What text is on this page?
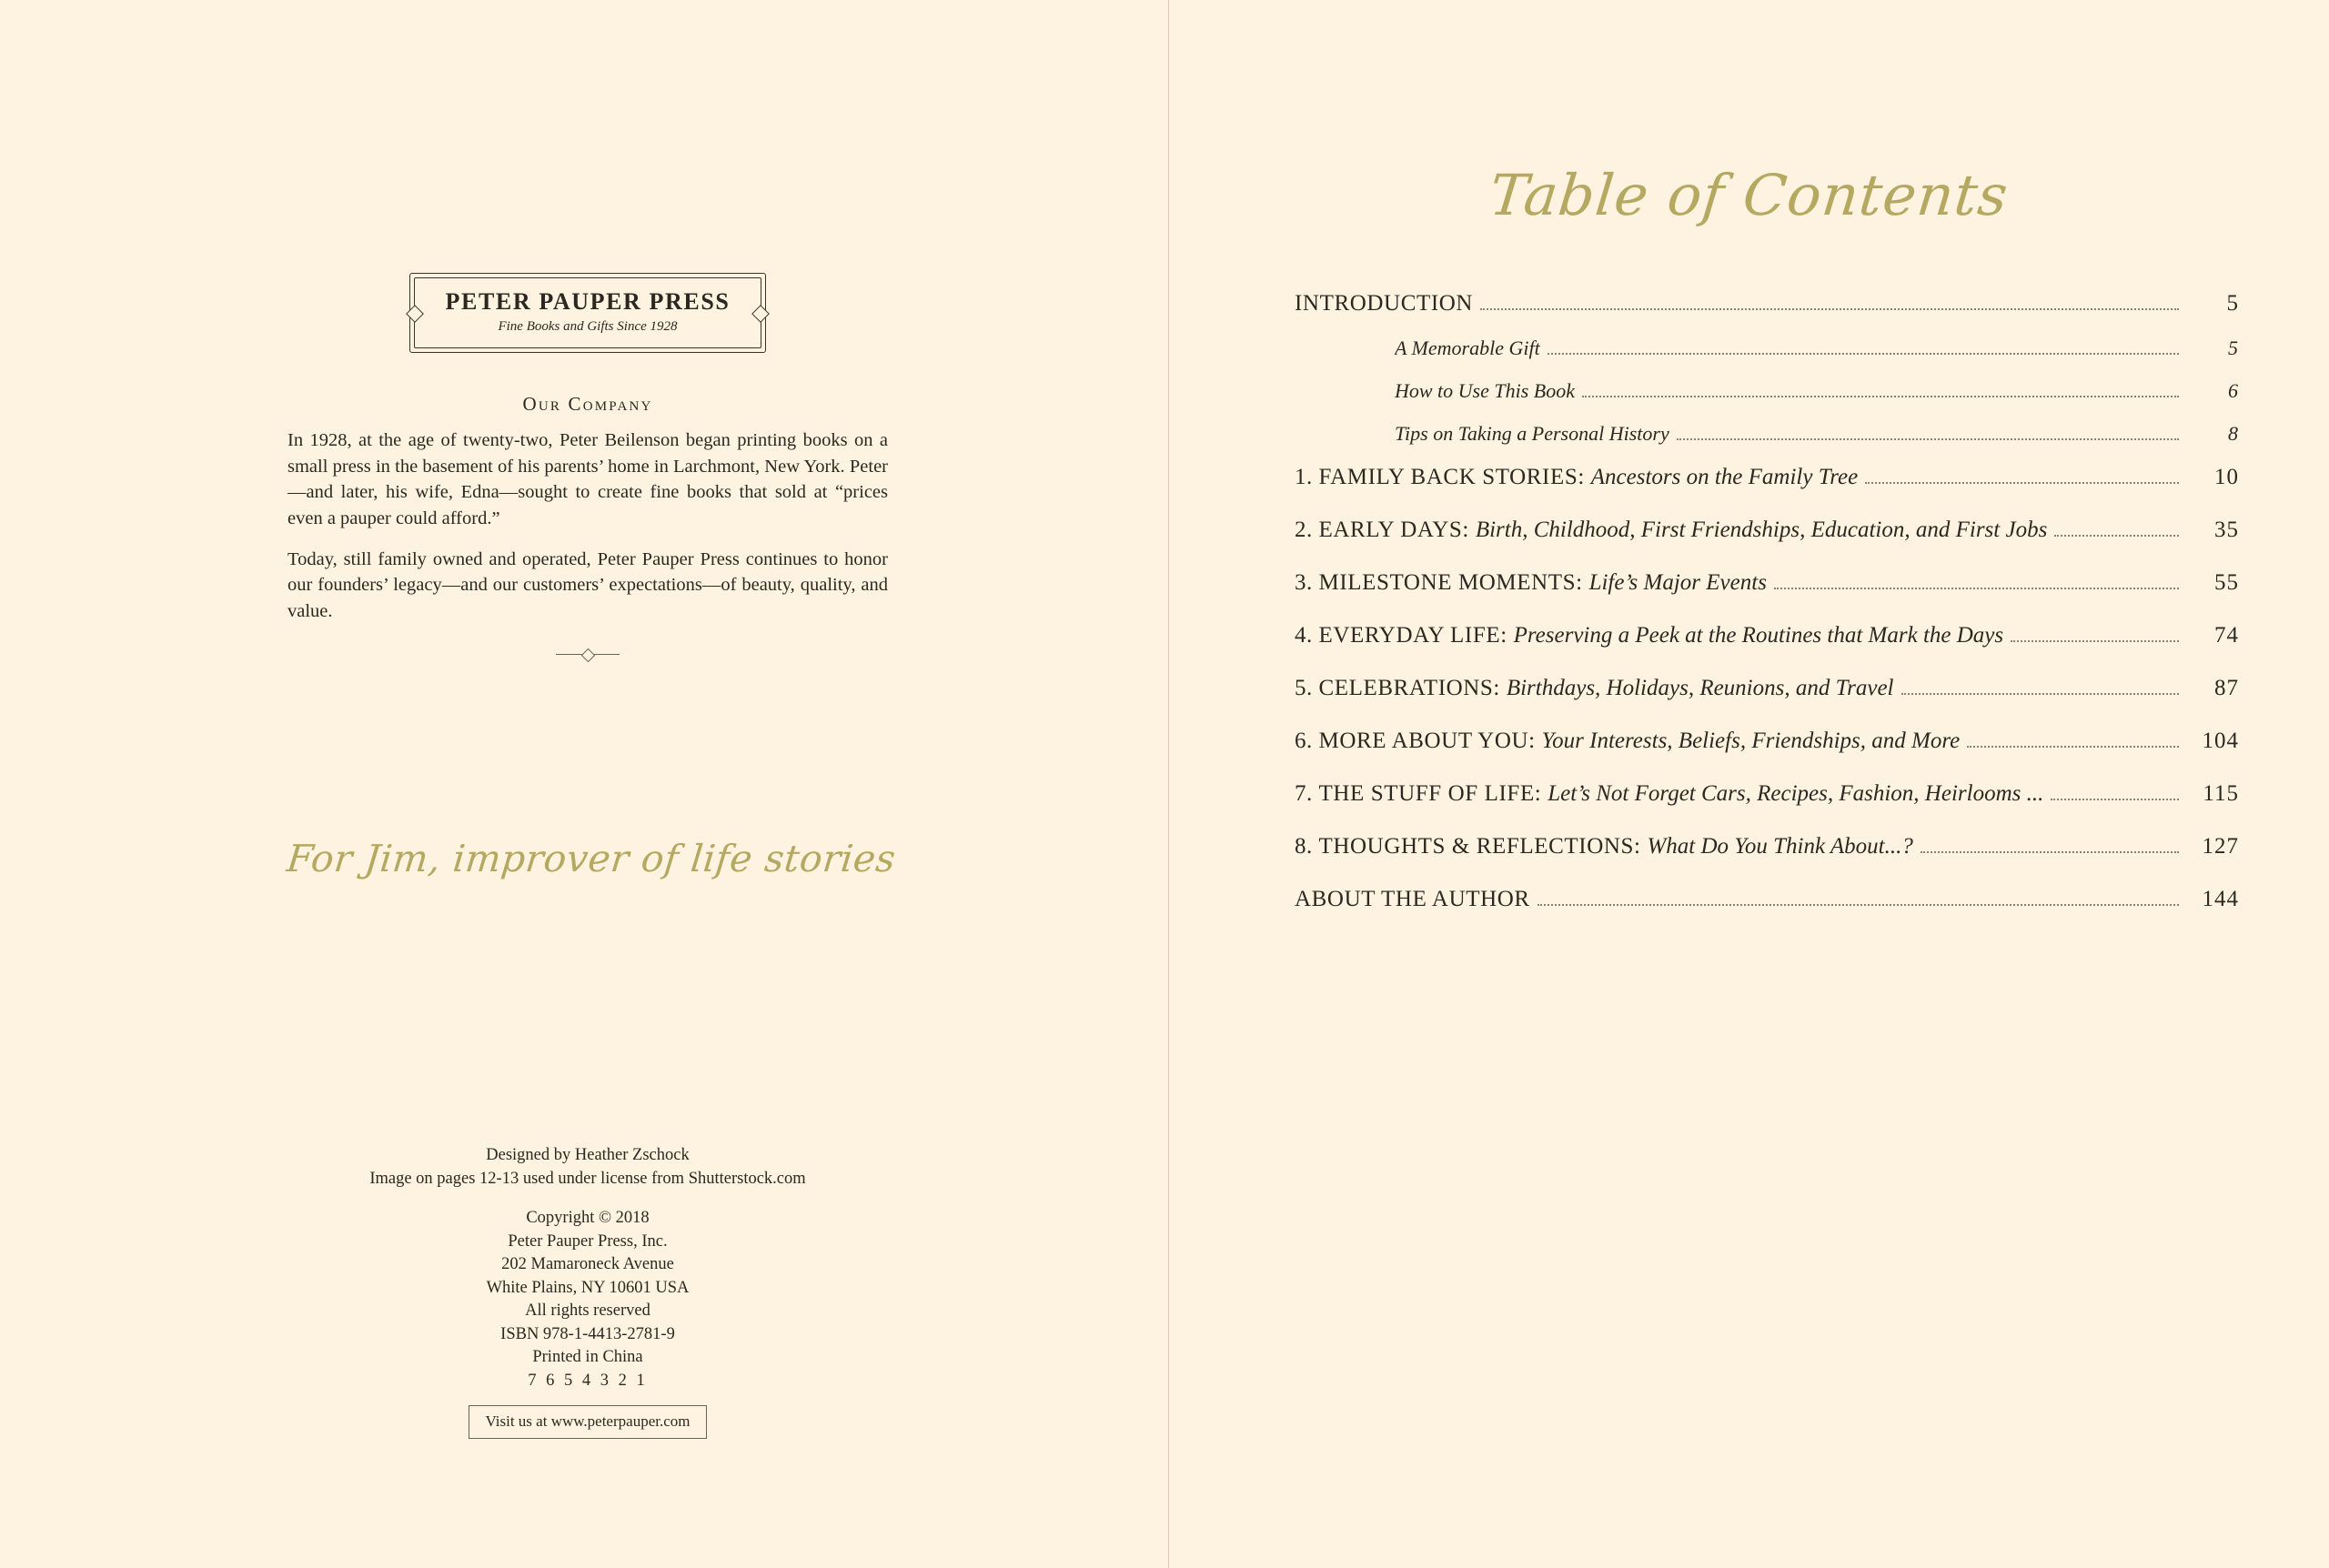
PETER PAUPER PRESS
Fine Books and Gifts Since 1928
Our Company

In 1928, at the age of twenty-two, Peter Beilenson began printing books on a small press in the basement of his parents’ home in Larchmont, New York. Peter—and later, his wife, Edna—sought to create fine books that sold at “prices even a pauper could afford.”

Today, still family owned and operated, Peter Pauper Press continues to honor our founders’ legacy—and our customers’ expectations—of beauty, quality, and value.

For Jim, improver of life stories
Designed by Heather Zschock
Image on pages 12-13 used under license from Shutterstock.com
Copyright © 2018
Peter Pauper Press, Inc.
202 Mamaroneck Avenue
White Plains, NY 10601 USA
All rights reserved
ISBN 978-1-4413-2781-9
Printed in China
7 6 5 4 3 2 1
Visit us at www.peterpauper.com
Table of Contents
INTRODUCTION	5
A Memorable Gift	5
How to Use This Book	6
Tips on Taking a Personal History	8
1. FAMILY BACK STORIES: Ancestors on the Family Tree	10
2. EARLY DAYS: Birth, Childhood, First Friendships, Education, and First Jobs	35
3. MILESTONE MOMENTS: Life’s Major Events	55
4. EVERYDAY LIFE: Preserving a Peek at the Routines that Mark the Days	74
5. CELEBRATIONS: Birthdays, Holidays, Reunions, and Travel	87
6. MORE ABOUT YOU: Your Interests, Beliefs, Friendships, and More	104
7. THE STUFF OF LIFE: Let’s Not Forget Cars, Recipes, Fashion, Heirlooms ...	115
8. THOUGHTS & REFLECTIONS: What Do You Think About...?	127
ABOUT THE AUTHOR	144
